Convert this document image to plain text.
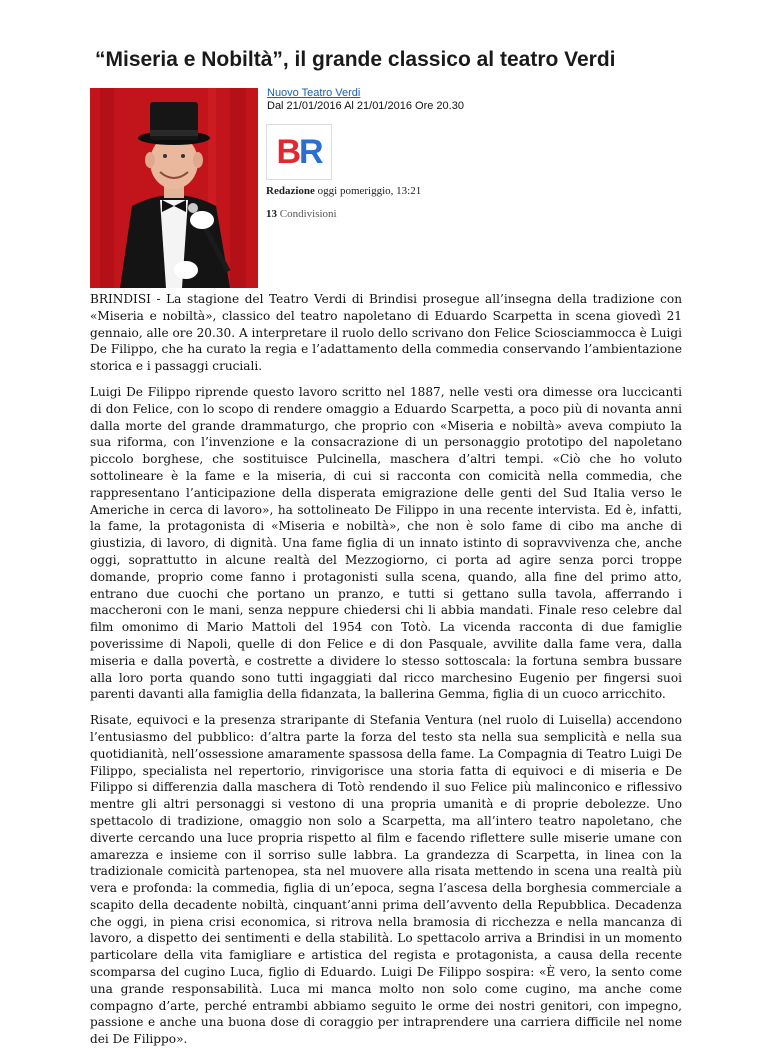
“Miseria e Nobiltà”, il grande classico al teatro Verdi

Nuovo Teatro Verdi

Dal 21/01/2016 Al 21/01/2016 Ore 20.30

BR

Redazione oggi pomeriggio, 13:21

13 Condivisioni

BRINDISI - La stagione del Teatro Verdi di Brindisi prosegue all’insegna della tradizione con «Miseria e nobiltà», classico del teatro napoletano di Eduardo Scarpetta in scena giovedì 21 gennaio, alle ore 20.30. A interpretare il ruolo dello scrivano don Felice Sciosciammocca è Luigi De Filippo, che ha curato la regia e l’adattamento della commedia conservando l’ambientazione storica e i passaggi cruciali.

Luigi De Filippo riprende questo lavoro scritto nel 1887, nelle vesti ora dimesse ora luccicanti di don Felice, con lo scopo di rendere omaggio a Eduardo Scarpetta, a poco più di novanta anni dalla morte del grande drammaturgo, che proprio con «Miseria e nobiltà» aveva compiuto la sua riforma, con l’invenzione e la consacrazione di un personaggio prototipo del napoletano piccolo borghese, che sostituisce Pulcinella, maschera d’altri tempi. «Ciò che ho voluto sottolineare è la fame e la miseria, di cui si racconta con comicità nella commedia, che rappresentano l’anticipazione della disperata emigrazione delle genti del Sud Italia verso le Americhe in cerca di lavoro», ha sottolineato De Filippo in una recente intervista. Ed è, infatti, la fame, la protagonista di «Miseria e nobiltà», che non è solo fame di cibo ma anche di giustizia, di lavoro, di dignità. Una fame figlia di un innato istinto di sopravvivenza che, anche oggi, soprattutto in alcune realtà del Mezzogiorno, ci porta ad agire senza porci troppe domande, proprio come fanno i protagonisti sulla scena, quando, alla fine del primo atto, entrano due cuochi che portano un pranzo, e tutti si gettano sulla tavola, afferrando i maccheroni con le mani, senza neppure chiedersi chi li abbia mandati. Finale reso celebre dal film omonimo di Mario Mattoli del 1954 con Totò. La vicenda racconta di due famiglie poverissime di Napoli, quelle di don Felice e di don Pasquale, avvilite dalla fame vera, dalla miseria e dalla povertà, e costrette a dividere lo stesso sottoscala: la fortuna sembra bussare alla loro porta quando sono tutti ingaggiati dal ricco marchesino Eugenio per fingersi suoi parenti davanti alla famiglia della fidanzata, la ballerina Gemma, figlia di un cuoco arricchito.

Risate, equivoci e la presenza straripante di Stefania Ventura (nel ruolo di Luisella) accendono l’entusiasmo del pubblico: d’altra parte la forza del testo sta nella sua semplicità e nella sua quotidianità, nell’ossessione amaramente spassosa della fame. La Compagnia di Teatro Luigi De Filippo, specialista nel repertorio, rinvigorisce una storia fatta di equivoci e di miseria e De Filippo si differenzia dalla maschera di Totò rendendo il suo Felice più malinconico e riflessivo mentre gli altri personaggi si vestono di una propria umanità e di proprie debolezze. Uno spettacolo di tradizione, omaggio non solo a Scarpetta, ma all’intero teatro napoletano, che diverte cercando una luce propria rispetto al film e facendo riflettere sulle miserie umane con amarezza e insieme con il sorriso sulle labbra. La grandezza di Scarpetta, in linea con la tradizionale comicità partenopea, sta nel muovere alla risata mettendo in scena una realtà più vera e profonda: la commedia, figlia di un’epoca, segna l’ascesa della borghesia commerciale a scapito della decadente nobiltà, cinquant’anni prima dell’avvento della Repubblica. Decadenza che oggi, in piena crisi economica, si ritrova nella bramosia di ricchezza e nella mancanza di lavoro, a dispetto dei sentimenti e della stabilità. Lo spettacolo arriva a Brindisi in un momento particolare della vita famigliare e artistica del regista e protagonista, a causa della recente scomparsa del cugino Luca, figlio di Eduardo. Luigi De Filippo sospira: «È vero, la sento come una grande responsabilità. Luca mi manca molto non solo come cugino, ma anche come compagno d’arte, perché entrambi abbiamo seguito le orme dei nostri genitori, con impegno, passione e anche una buona dose di coraggio per intraprendere una carriera difficile nel nome dei De Filippo».
